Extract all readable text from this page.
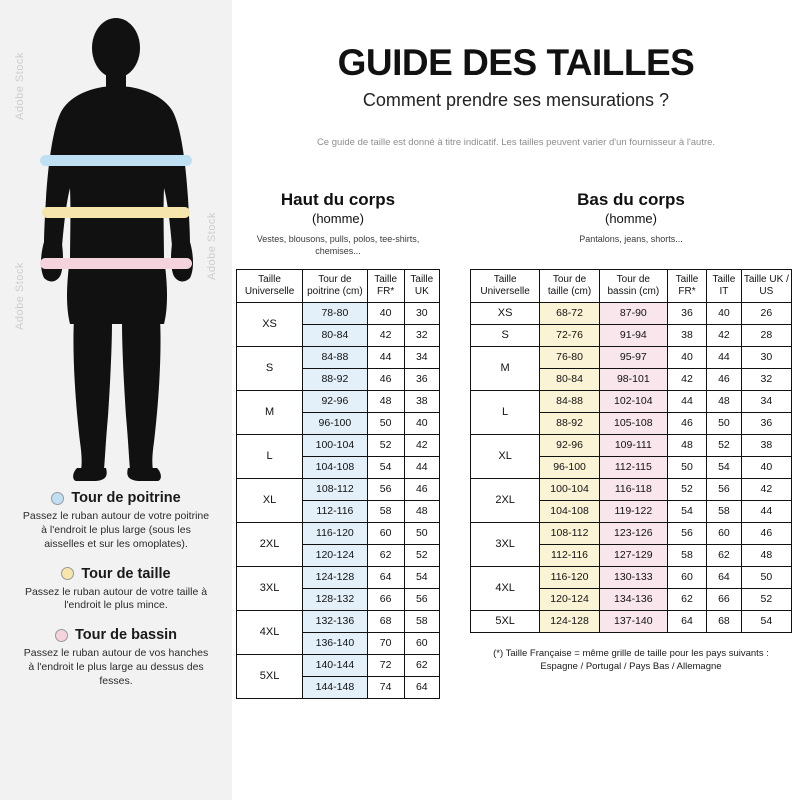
Adobe Stock
Adobe Stock
Adobe Stock
Tour de poitrine
Passez le ruban autour de votre poitrine à l'endroit le plus large (sous les aisselles et sur les omoplates).
Tour de taille
Passez le ruban autour de votre taille à l'endroit le plus mince.
Tour de bassin
Passez le ruban autour de vos hanches à l'endroit le plus large au dessus des fesses.
GUIDE DES TAILLES

Comment prendre ses mensurations ?

Ce guide de taille est donné à titre indicatif. Les tailles peuvent varier d'un fournisseur à l'autre.

Haut du corps
(homme)
Vestes, blousons, pulls, polos, tee-shirts, chemises...
Taille Universelle	Tour de poitrine (cm)	Taille FR*	Taille UK
XS	78-80	40	30
	80-84	42	32
S	84-88	44	34
	88-92	46	36
M	92-96	48	38
	96-100	50	40
L	100-104	52	42
	104-108	54	44
XL	108-112	56	46
	112-116	58	48
2XL	116-120	60	50
	120-124	62	52
3XL	124-128	64	54
	128-132	66	56
4XL	132-136	68	58
	136-140	70	60
5XL	140-144	72	62
	144-148	74	64
Bas du corps
(homme)
Pantalons, jeans, shorts...
Taille Universelle	Tour de taille (cm)	Tour de bassin (cm)	Taille FR*	Taille IT	Taille UK / US
XS	68-72	87-90	36	40	26
S	72-76	91-94	38	42	28
M	76-80	95-97	40	44	30
	80-84	98-101	42	46	32
L	84-88	102-104	44	48	34
	88-92	105-108	46	50	36
XL	92-96	109-111	48	52	38
	96-100	112-115	50	54	40
2XL	100-104	116-118	52	56	42
	104-108	119-122	54	58	44
3XL	108-112	123-126	56	60	46
	112-116	127-129	58	62	48
4XL	116-120	130-133	60	64	50
	120-124	134-136	62	66	52
5XL	124-128	137-140	64	68	54
(*) Taille Française = même grille de taille pour les pays suivants :
Espagne / Portugal / Pays Bas / Allemagne
